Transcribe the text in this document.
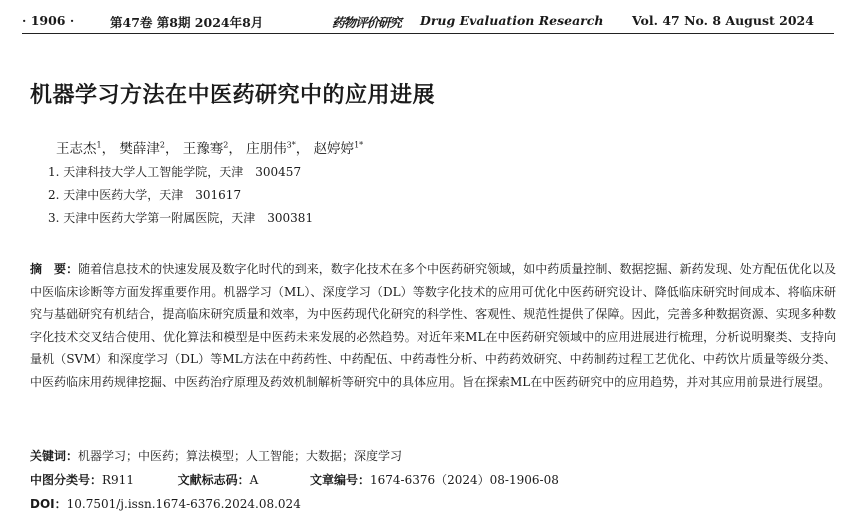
· 1906 ·	第47卷 第8期 2024年8月	药物评价研究 Drug Evaluation Research Vol. 47 No. 8 August 2024
机器学习方法在中医药研究中的应用进展
王志杰$^1$， 樊薛津$^2$， 王豫骞$^2$， 庄朋伟$^{3*}$， 赵婷婷$^{1*}$
1. 天津科技大学人工智能学院，天津　300457
2. 天津中医药大学，天津　301617
3. 天津中医药大学第一附属医院，天津　300381
摘　要：随着信息技术的快速发展及数字化时代的到来，数字化技术在多个中医药研究领域，如中药质量控制、数据挖掘、新药发现、处方配伍优化以及中医临床诊断等方面发挥重要作用。机器学习（ML）、深度学习（DL）等数字化技术的应用可优化中医药研究设计、降低临床研究时间成本、将临床研究与基础研究有机结合，提高临床研究质量和效率，为中医药现代化研究的科学性、客观性、规范性提供了保障。因此，完善多种数据资源、实现多种数字化技术交叉结合使用、优化算法和模型是中医药未来发展的必然趋势。对近年来ML在中医药研究领域中的应用进展进行梳理，分析说明聚类、支持向量机（SVM）和深度学习（DL）等ML方法在中药药性、中药配伍、中药毒性分析、中药药效研究、中药制药过程工艺优化、中药饮片质量等级分类、中医药临床用药规律挖掘、中医药治疗原理及药效机制解析等研究中的具体应用。旨在探索ML在中医药研究中的应用趋势，并对其应用前景进行展望。
关键词：机器学习；中医药；算法模型；人工智能；大数据；深度学习
中图分类号：R911	文献标志码：A	文章编号：1674-6376（2024）08-1906-08
DOI：10.7501/j.issn.1674-6376.2024.08.024
